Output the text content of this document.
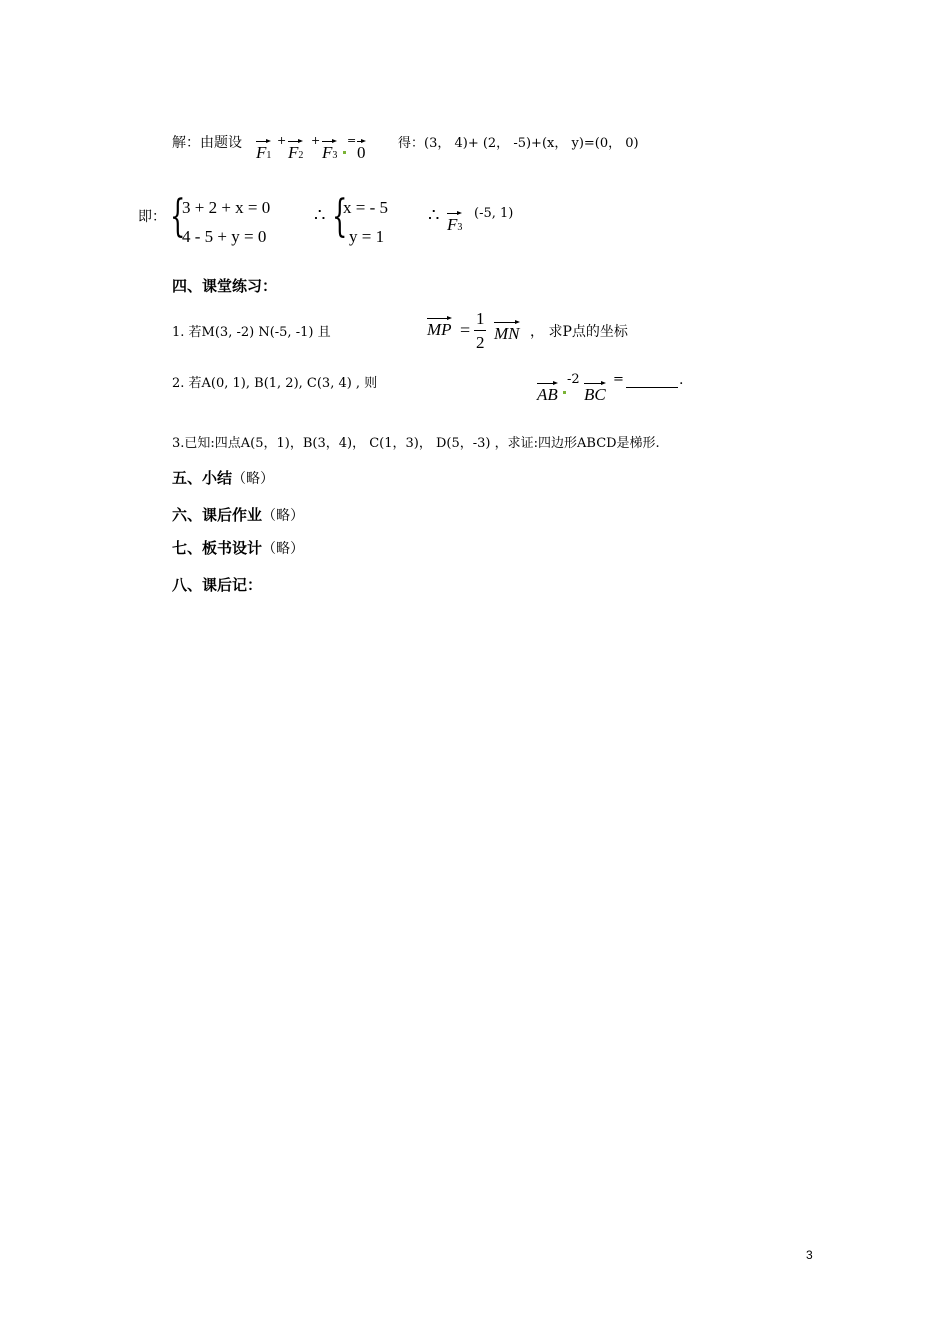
解：由题设 F1
+
F2
+
F3
=
0	得：(3， 4)+ (2， -5)+(x， y)=(0， 0)
即： {
3 + 2 + x = 0
4 - 5 + y = 0
∴ {
x = - 5
y = 1
∴ F3
(-5, 1)
四、课堂练习：
1. 若M(3, -2) N(-5, -1) 且	MP =
1
2 MN ， 求P点的坐标
2. 若A(0, 1), B(1, 2), C(3, 4) , 则
AB
-2
BC
=	.
3.已知:四点A(5，1)，B(3，4)， C(1，3)， D(5，-3) ，求证:四边形ABCD是梯形.
五、小结（略）
六、课后作业（略）
七、板书设计（略）
八、课后记：
3
